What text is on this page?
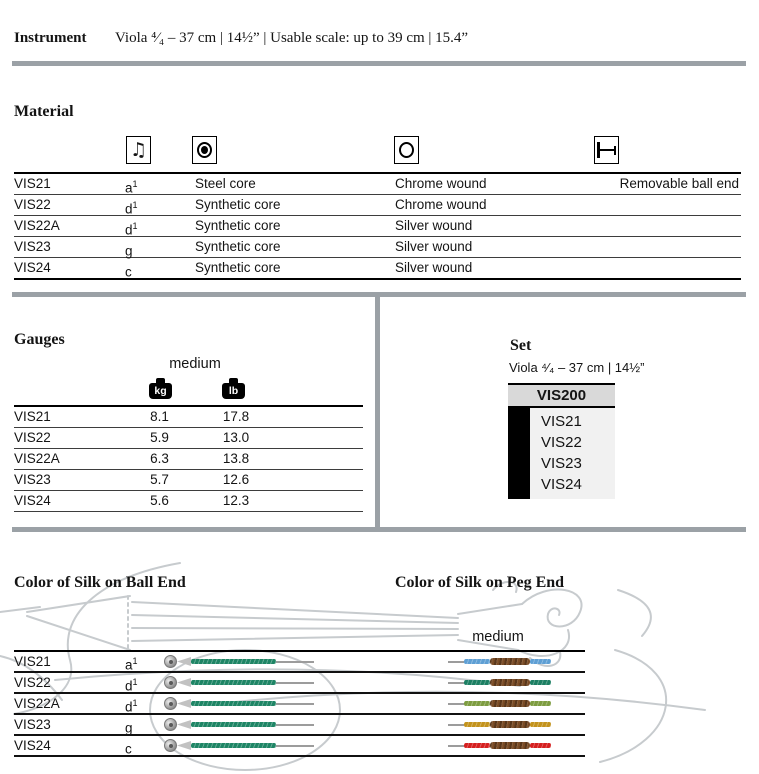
Instrument Viola ⁴⁄₄ – 37 cm | 14½” | Usable scale: up to 39 cm | 15.4”
Material
♫
VIS21	$a^1$	Steel core	Chrome wound	Removable ball end
VIS22	$d^1$	Synthetic core	Chrome wound
VIS22A	$d^1$	Synthetic core	Silver wound
VIS23	g	Synthetic core	Silver wound
VIS24	c	Synthetic core	Silver wound
Gauges
medium
kg	lb
VIS21	8.1	17.8
VIS22	5.9	13.0
VIS22A	6.3	13.8
VIS23	5.7	12.6
VIS24	5.6	12.3
Set
Viola ⁴⁄₄ – 37 cm | 14½”
VIS200
VIS21
VIS22
VIS23
VIS24
Color of Silk on Ball End	Color of Silk on Peg End
medium
VIS21	$a^1$
VIS22	$d^1$
VIS22A	$d^1$
VIS23	g
VIS24	c
